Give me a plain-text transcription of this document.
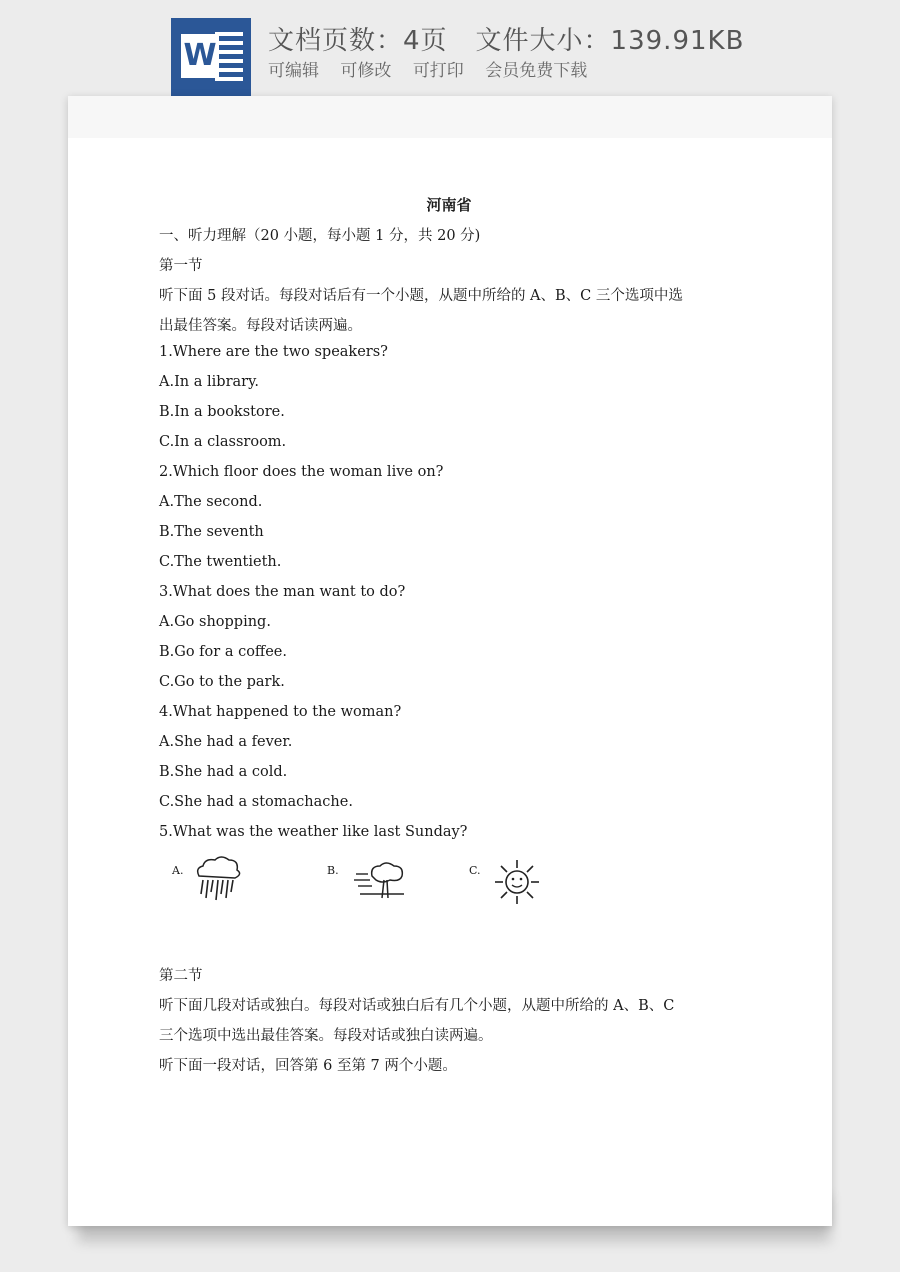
W 文档页数：4页 文件大小：139.91KB
可编辑 可修改 可打印 会员免费下载
河南省
一、听力理解（20 小题，每小题 1 分，共 20 分)
第一节
听下面 5 段对话。每段对话后有一个小题，从题中所给的 A、B、C 三个选项中选
出最佳答案。每段对话读两遍。
1.Where are the two speakers?
A.In a library.
B.In a bookstore.
C.In a classroom.
2.Which floor does the woman live on?
A.The second.
B.The seventh
C.The twentieth.
3.What does the man want to do?
A.Go shopping.
B.Go for a coffee.
C.Go to the park.
4.What happened to the woman?
A.She had a fever.
B.She had a cold.
C.She had a stomachache.
5.What was the weather like last Sunday?
A.	B.	C.
第二节
听下面几段对话或独白。每段对话或独白后有几个小题，从题中所给的 A、B、C
三个选项中选出最佳答案。每段对话或独白读两遍。
听下面一段对话，回答第 6 至第 7 两个小题。
